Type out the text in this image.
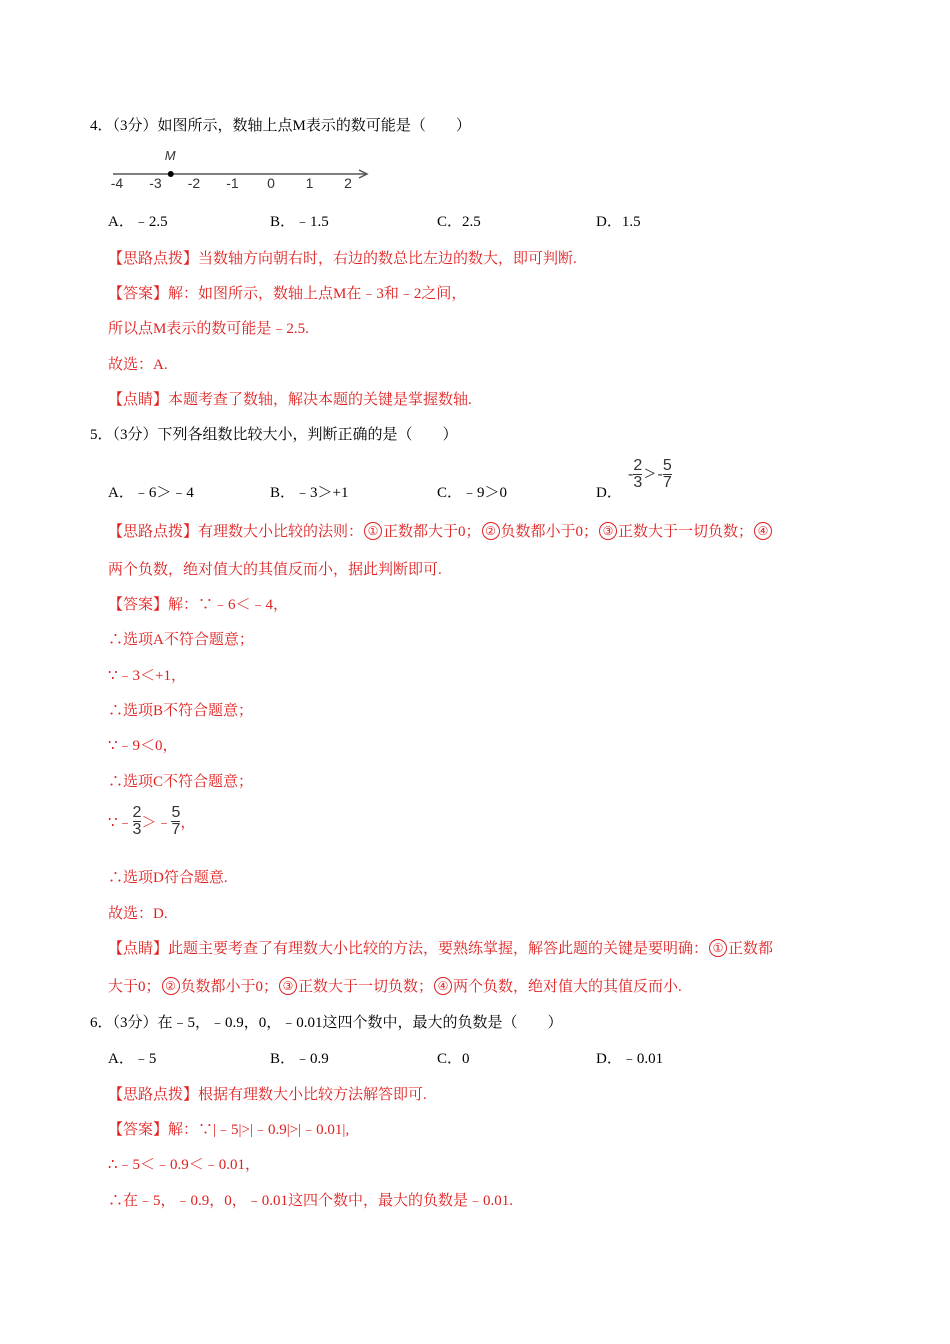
4．（3分）如图所示，数轴上点M表示的数可能是（　　）
-4 -3 -2 -1 0 1 2
M
A．﹣2.5	B．﹣1.5	C．2.5	D．1.5
【思路点拨】当数轴方向朝右时，右边的数总比左边的数大，即可判断.
【答案】解：如图所示，数轴上点M在﹣3和﹣2之间，
所以点M表示的数可能是﹣2.5.
故选：A.
【点睛】本题考查了数轴，解决本题的关键是掌握数轴.
5．（3分）下列各组数比较大小，判断正确的是（　　）
A．﹣6＞﹣4	B．﹣3＞+1	C．﹣9＞0	D．
- $\frac{2}{3}$ > - $\frac{5}{7}$
【思路点拨】有理数大小比较的法则： ① 正数都大于0； ② 负数都小于0； ③ 正数大于一切负数； ④
两个负数，绝对值大的其值反而小，据此判断即可.
【答案】解：∵﹣6＜﹣4，
∴选项A不符合题意；
∵﹣3＜+1，
∴选项B不符合题意；
∵﹣9＜0，
∴选项C不符合题意；
∵﹣ $\frac{2}{3}$ ＞﹣ $\frac{5}{7}$ ，
∴选项D符合题意.
故选：D.
【点睛】此题主要考查了有理数大小比较的方法，要熟练掌握，解答此题的关键是要明确： ① 正数都
大于0； ② 负数都小于0； ③ 正数大于一切负数； ④ 两个负数，绝对值大的其值反而小.
6．（3分）在﹣5，﹣0.9，0，﹣0.01这四个数中，最大的负数是（　　）
A．﹣5	B．﹣0.9	C．0	D．﹣0.01
【思路点拨】根据有理数大小比较方法解答即可.
【答案】解：∵|﹣5|>|﹣0.9|>|﹣0.01|,
∴﹣5＜﹣0.9＜﹣0.01，
∴在﹣5，﹣0.9，0，﹣0.01这四个数中，最大的负数是﹣0.01.
